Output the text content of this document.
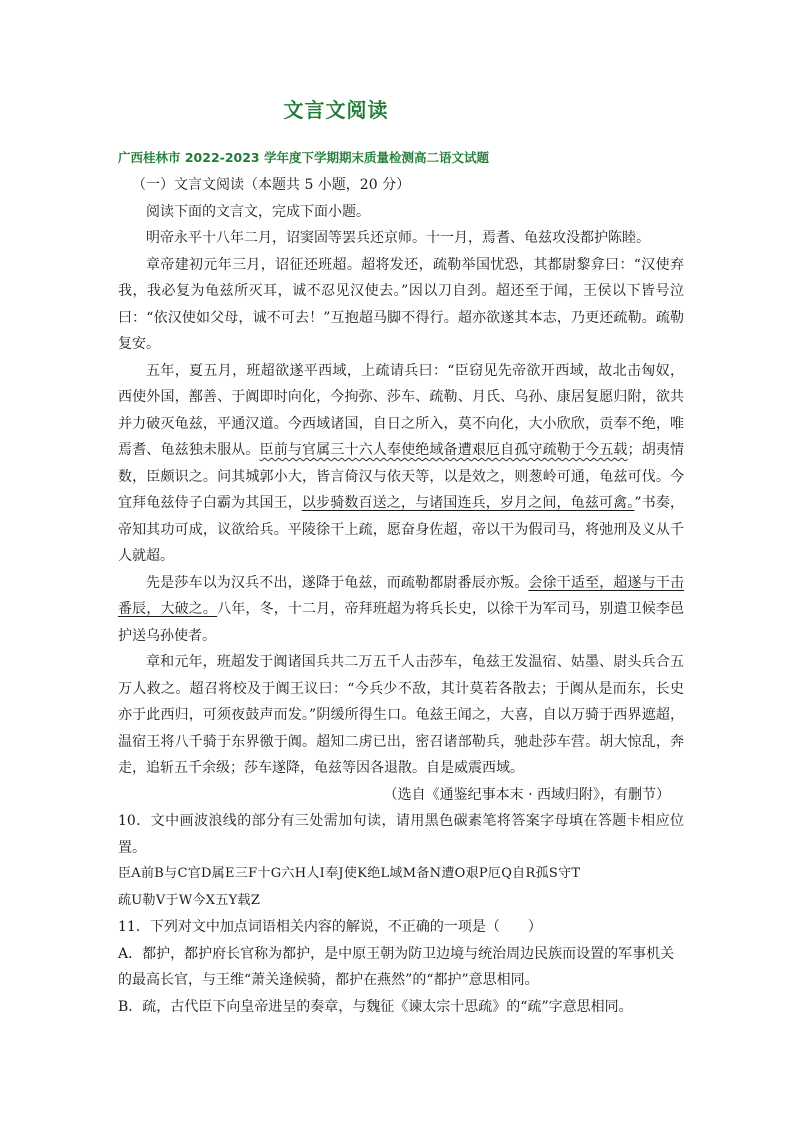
文言文阅读
广西桂林市 2022-2023 学年度下学期期末质量检测高二语文试题

（一）文言文阅读（本题共 5 小题，20 分）

阅读下面的文言文，完成下面小题。

明帝永平十八年二月，诏窦固等罢兵还京师。十一月，焉耆、龟兹攻没都护陈睦。

章帝建初元年三月，诏征还班超。超将发还，疏勒举国忧恐，其都尉黎弇曰：“汉使弃我，我必复为龟兹所灭耳，诚不忍见汉使去。”因以刀自刭。超还至于闻，王侯以下皆号泣曰：“依汉使如父母，诚不可去！”互抱超马脚不得行。超亦欲遂其本志，乃更还疏勒。疏勒复安。

五年，夏五月，班超欲遂平西域，上疏请兵曰：“臣窃见先帝欲开西域，故北击匈奴，西使外国，鄯善、于阗即时向化，今拘弥、莎车、疏勒、月氏、乌孙、康居复愿归附，欲共并力破灭龟兹，平通汉道。今西域诸国，自日之所入，莫不向化，大小欣欣，贡奉不绝，唯焉耆、龟兹独未服从。臣前与官属三十六人奉使绝域备遭艰厄自孤守疏勒于今五载；胡夷情数，臣颇识之。问其城郭小大，皆言倚汉与依天等，以是效之，则葱岭可通，龟兹可伐。今宜拜龟兹侍子白霸为其国王，以步骑数百送之，与诸国连兵，岁月之间，龟兹可禽。”书奏，帝知其功可成，议欲给兵。平陵徐干上疏，愿奋身佐超，帝以干为假司马，将弛刑及义从千人就超。

先是莎车以为汉兵不出，遂降于龟兹，而疏勒都尉番辰亦叛。会徐干适至，超遂与干击番辰，大破之。八年，冬，十二月，帝拜班超为将兵长史，以徐干为军司马，别遣卫候李邑护送乌孙使者。

章和元年，班超发于阗诸国兵共二万五千人击莎车，龟兹王发温宿、姑墨、尉头兵合五万人救之。超召将校及于阗王议曰：“今兵少不敌，其计莫若各散去；于阗从是而东，长史亦于此西归，可须夜鼓声而发。”阴缓所得生口。龟兹王闻之，大喜，自以万骑于西界遮超，温宿王将八千骑于东界徼于阗。超知二虏已出，密召诸部勒兵，驰赴莎车营。胡大惊乱，奔走，追斩五千余级；莎车遂降，龟兹等因各退散。自是威震西域。

（选自《通鉴纪事本末 · 西域归附》，有删节）

10．文中画波浪线的部分有三处需加句读，请用黑色碳素笔将答案字母填在答题卡相应位置。

臣A前B与C官D属E三F十G六H人I奉J使K绝L域M备N遭O艰P厄Q自R孤S守T

疏U勒V于W今X五Y载Z

11．下列对文中加点词语相关内容的解说，不正确的一项是（ ）

A．都护，都护府长官称为都护，是中原王朝为防卫边境与统治周边民族而设置的军事机关

的最高长官，与王维“萧关逢候骑，都护在燕然”的“都护”意思相同。

B．疏，古代臣下向皇帝进呈的奏章，与魏征《谏太宗十思疏》的“疏”字意思相同。
